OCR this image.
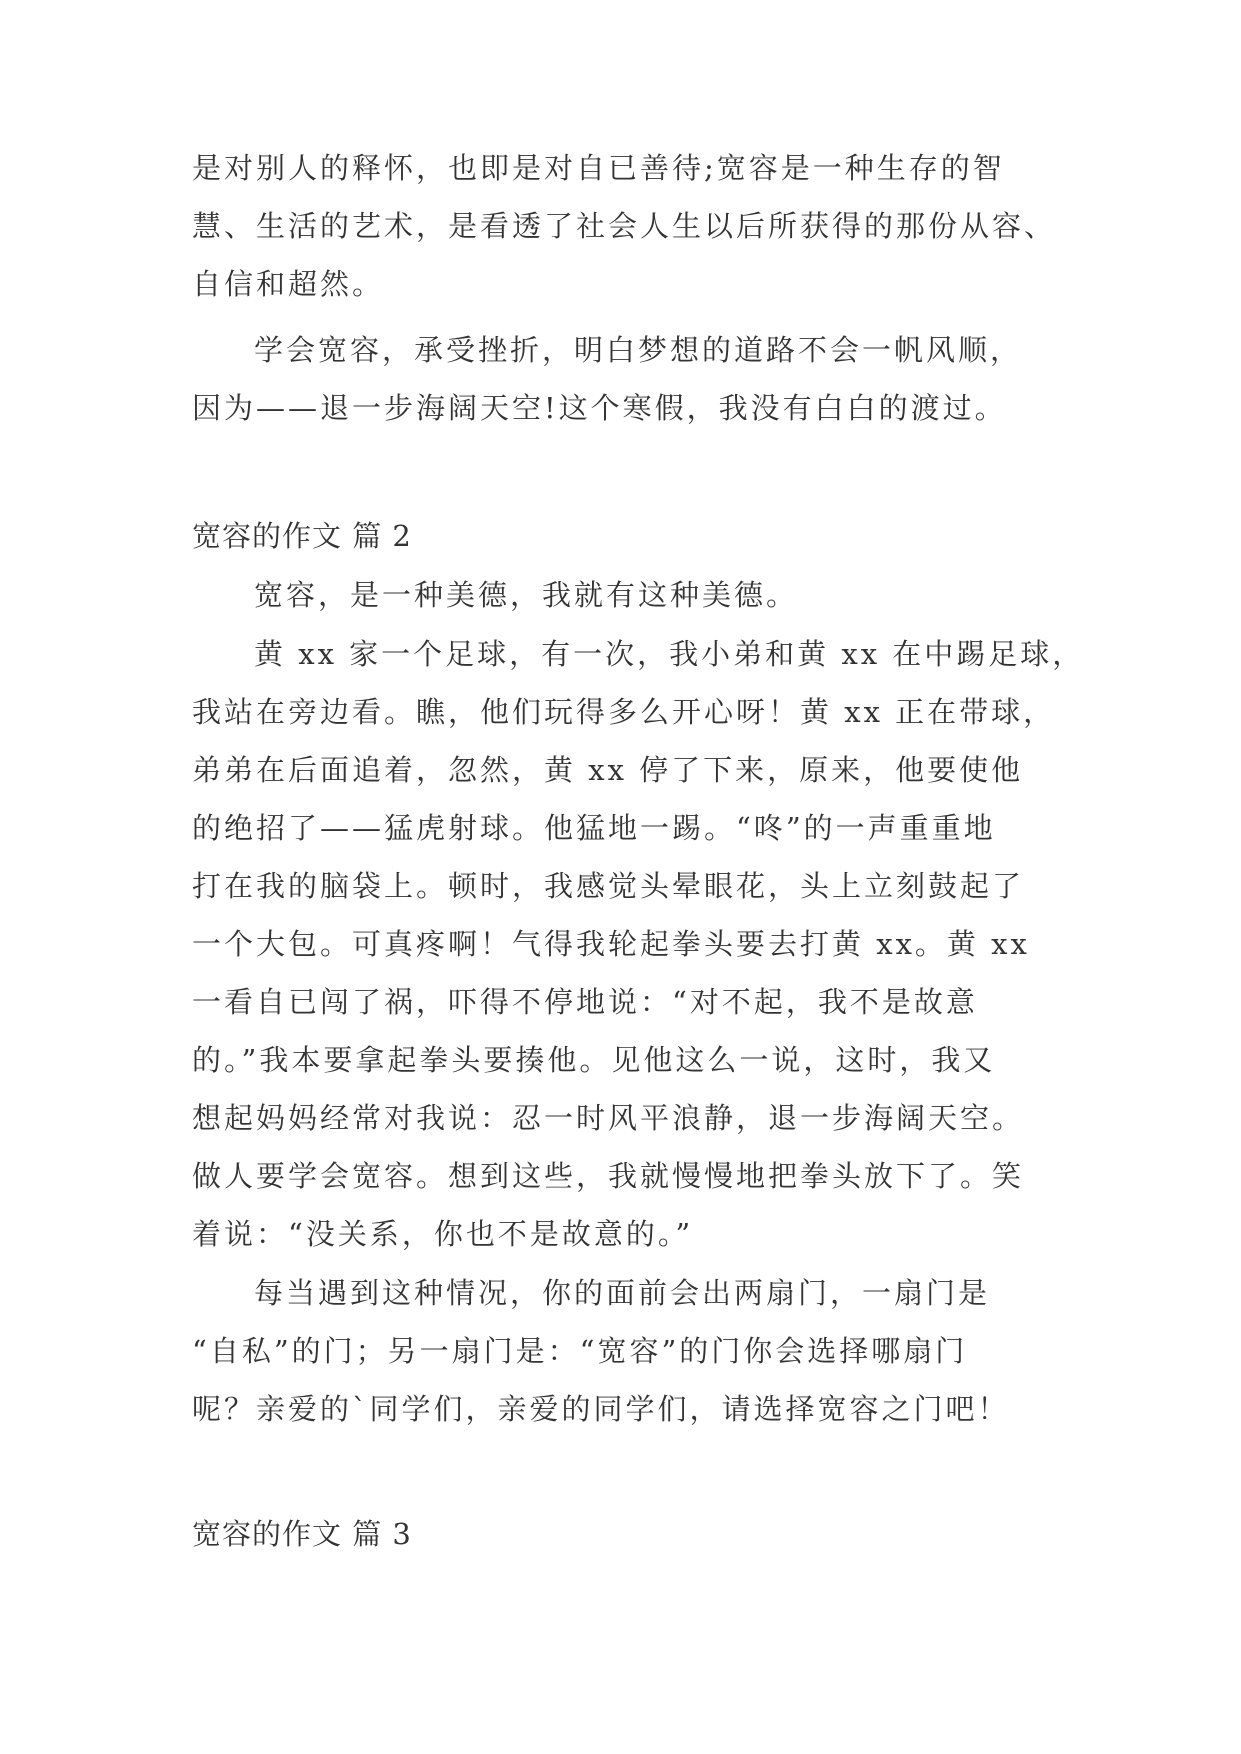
是对别人的释怀，也即是对自已善待;宽容是一种生存的智
慧、生活的艺术，是看透了社会人生以后所获得的那份从容、
自信和超然。
学会宽容，承受挫折，明白梦想的道路不会一帆风顺，
因为——退一步海阔天空!这个寒假，我没有白白的渡过。
宽容的作文 篇 2
宽容，是一种美德，我就有这种美德。
黄 xx 家一个足球，有一次，我小弟和黄 xx 在中踢足球，
我站在旁边看。瞧，他们玩得多么开心呀！黄 xx 正在带球，
弟弟在后面追着，忽然，黄 xx 停了下来，原来，他要使他
的绝招了——猛虎射球。他猛地一踢。“咚”的一声重重地
打在我的脑袋上。顿时，我感觉头晕眼花，头上立刻鼓起了
一个大包。可真疼啊！气得我轮起拳头要去打黄 xx。黄 xx
一看自已闯了祸，吓得不停地说：“对不起，我不是故意
的。”我本要拿起拳头要揍他。见他这么一说，这时，我又
想起妈妈经常对我说：忍一时风平浪静，退一步海阔天空。
做人要学会宽容。想到这些，我就慢慢地把拳头放下了。笑
着说：“没关系，你也不是故意的。”
每当遇到这种情况，你的面前会出两扇门，一扇门是
“自私”的门；另一扇门是：“宽容”的门你会选择哪扇门
呢？亲爱的`同学们，亲爱的同学们，请选择宽容之门吧！
宽容的作文 篇 3
